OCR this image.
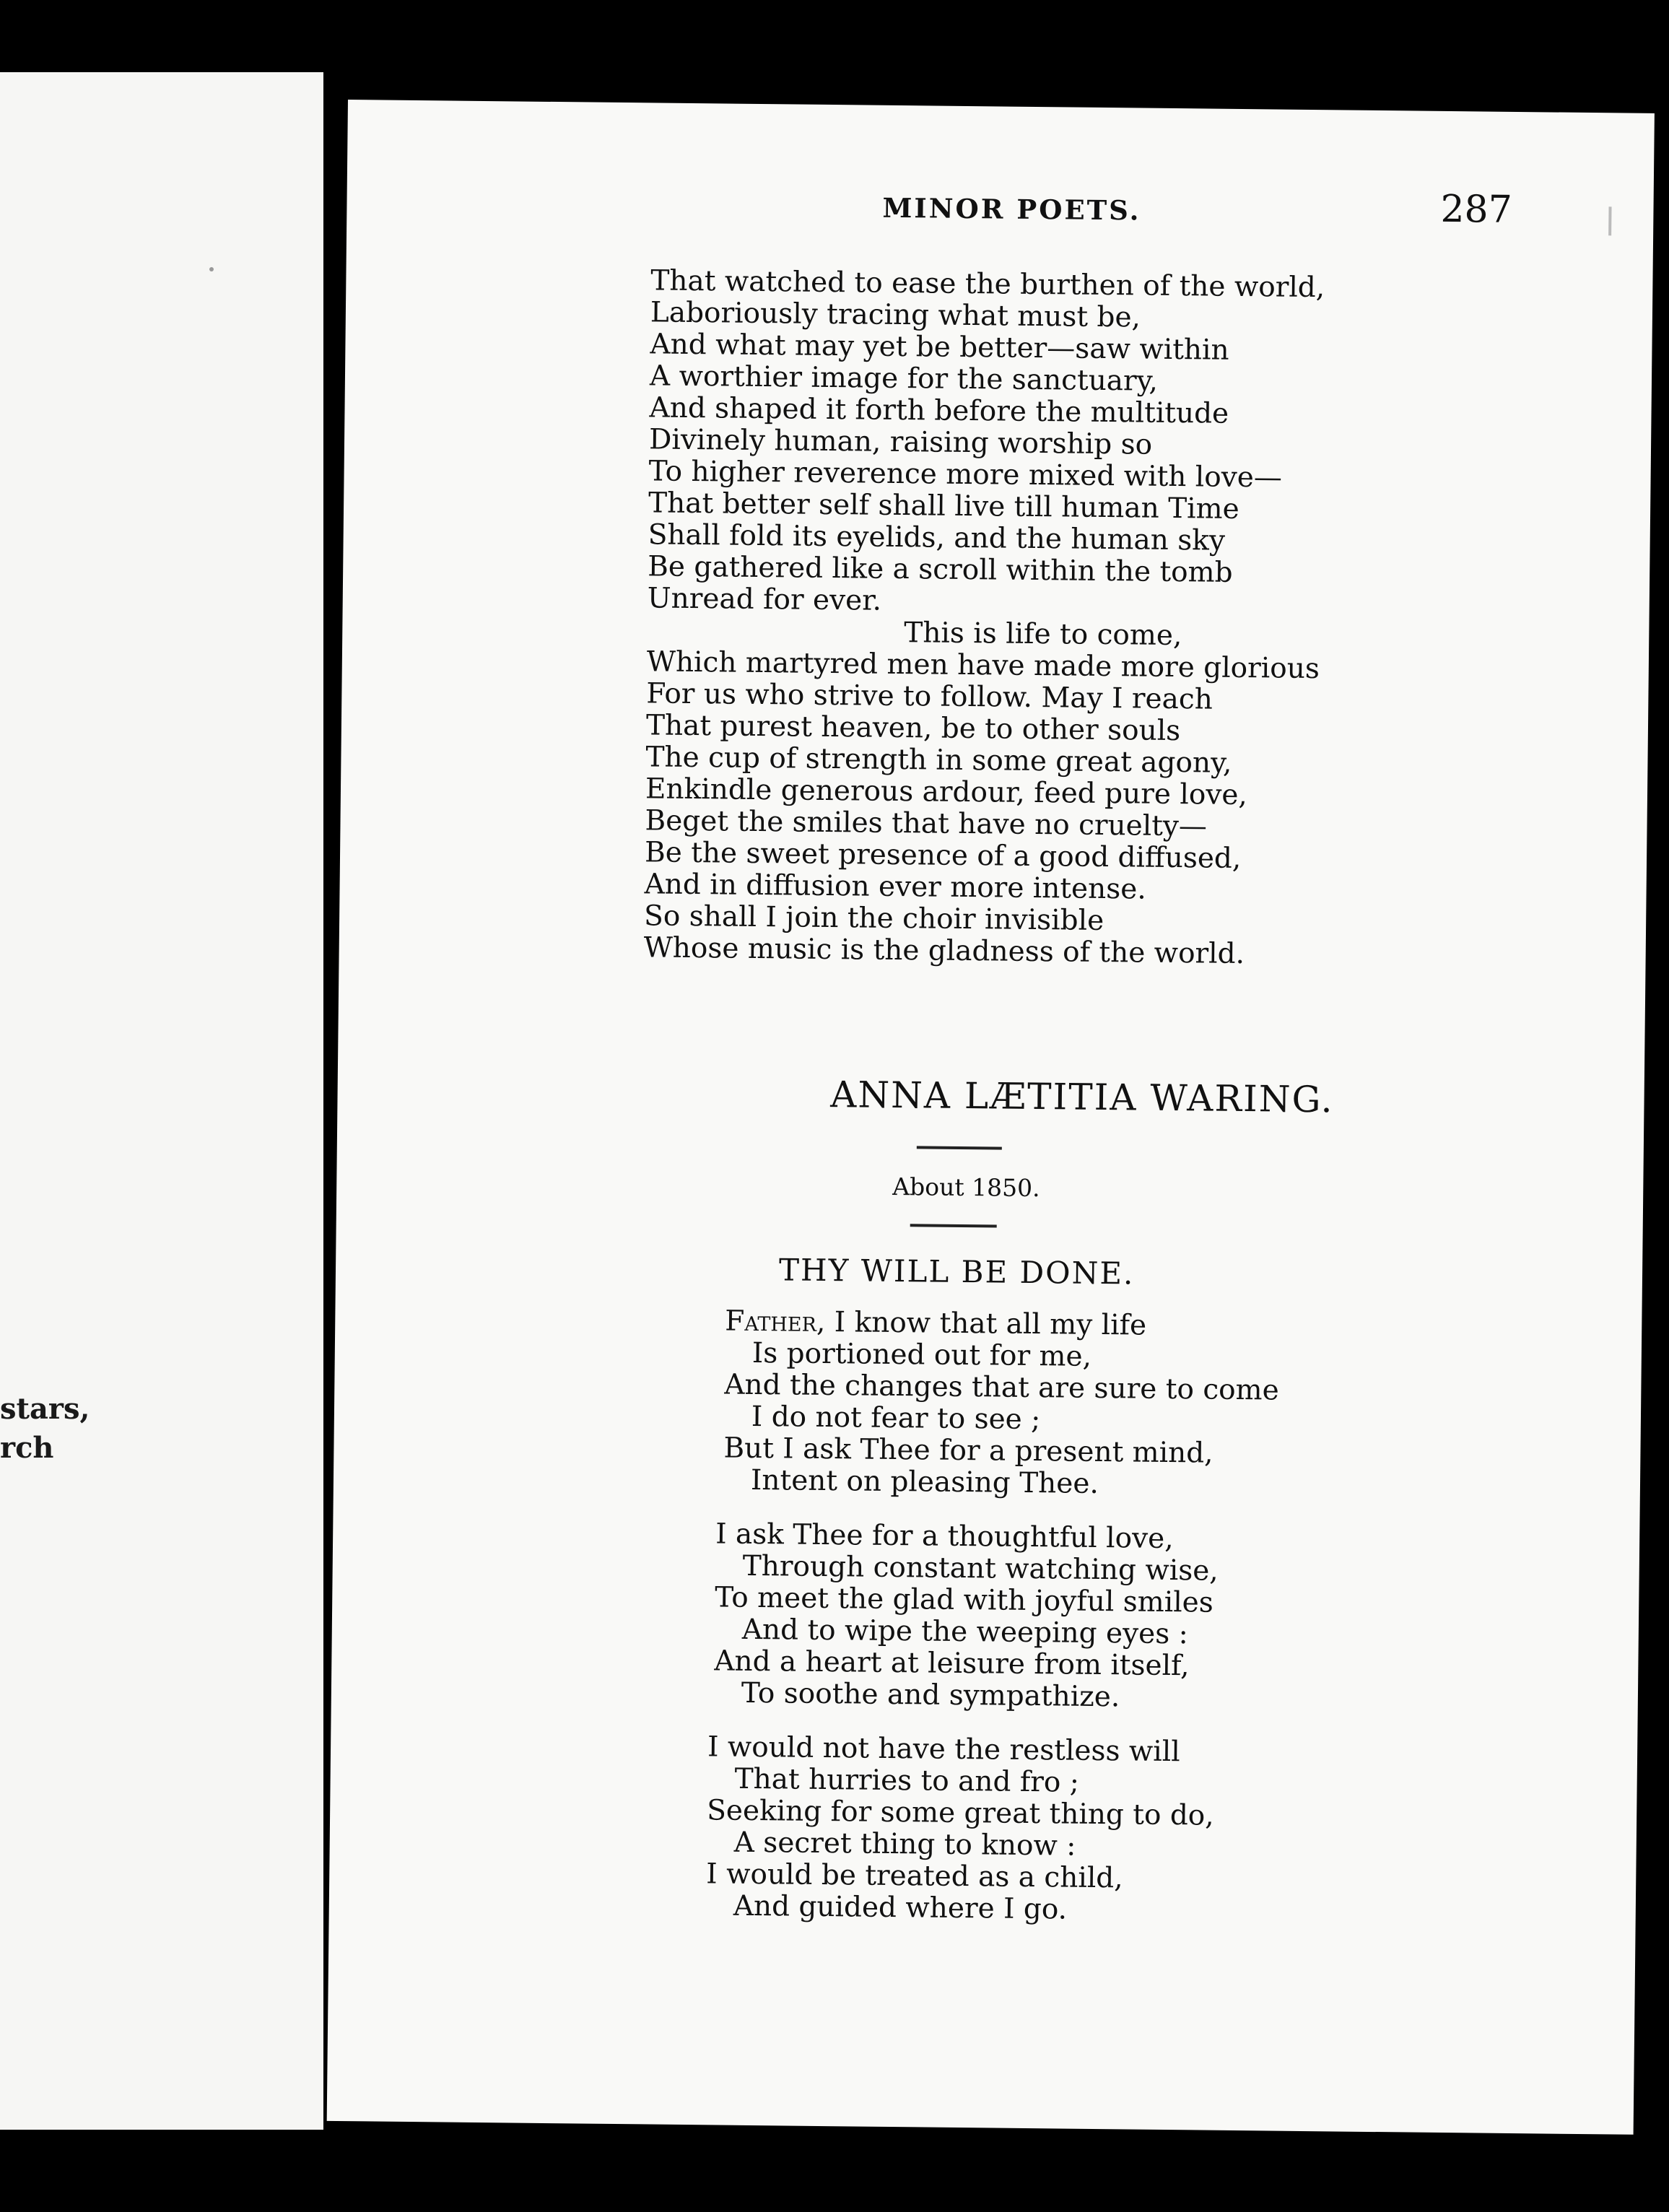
stars,
rch
MINOR POETS.	287
That watched to ease the burthen of the world,
Laboriously tracing what must be,
And what may yet be better—saw within
A worthier image for the sanctuary,
And shaped it forth before the multitude
Divinely human, raising worship so
To higher reverence more mixed with love—
That better self shall live till human Time
Shall fold its eyelids, and the human sky
Be gathered like a scroll within the tomb
Unread for ever.
This is life to come,
Which martyred men have made more glorious
For us who strive to follow. May I reach
That purest heaven, be to other souls
The cup of strength in some great agony,
Enkindle generous ardour, feed pure love,
Beget the smiles that have no cruelty—
Be the sweet presence of a good diffused,
And in diffusion ever more intense.
So shall I join the choir invisible
Whose music is the gladness of the world.
ANNA LÆTITIA WARING.
About 1850.
THY WILL BE DONE.
Father, I know that all my life
Is portioned out for me,
And the changes that are sure to come
I do not fear to see ;
But I ask Thee for a present mind,
Intent on pleasing Thee.
I ask Thee for a thoughtful love,
Through constant watching wise,
To meet the glad with joyful smiles
And to wipe the weeping eyes :
And a heart at leisure from itself,
To soothe and sympathize.
I would not have the restless will
That hurries to and fro ;
Seeking for some great thing to do,
A secret thing to know :
I would be treated as a child,
And guided where I go.
